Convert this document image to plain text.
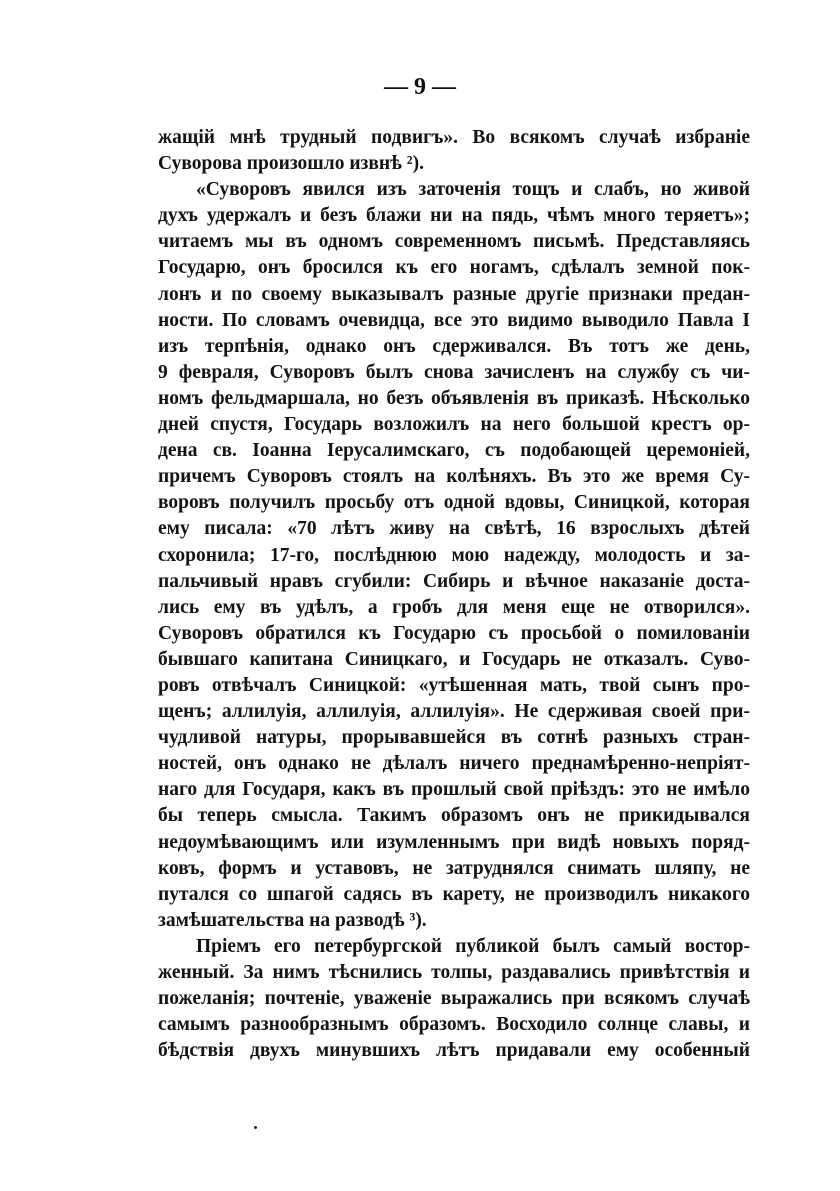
— 9 —
жащій мнѣ трудный подвигъ». Во всякомъ случаѣ избраніе
Суворова произошло извнѣ ²).
«Суворовъ явился изъ заточенія тощъ и слабъ, но живой
духъ удержалъ и безъ блажи ни на пядь, чѣмъ много теряетъ»;
читаемъ мы въ одномъ современномъ письмѣ. Представляясь
Государю, онъ бросился къ его ногамъ, сдѣлалъ земной пок-
лонъ и по своему выказывалъ разные другіе признаки предан-
ности. По словамъ очевидца, все это видимо выводило Павла I
изъ терпѣнія, однако онъ сдерживался. Въ тотъ же день,
9 февраля, Суворовъ былъ снова зачисленъ на службу съ чи-
номъ фельдмаршала, но безъ объявленія въ приказѣ. Нѣсколько
дней спустя, Государь возложилъ на него большой крестъ ор-
дена св. Іоанна Іерусалимскаго, съ подобающей церемоніей,
причемъ Суворовъ стоялъ на колѣняхъ. Въ это же время Су-
воровъ получилъ просьбу отъ одной вдовы, Синицкой, которая
ему писала: «70 лѣтъ живу на свѣтѣ, 16 взрослыхъ дѣтей
схоронила; 17-го, послѣднюю мою надежду, молодость и за-
пальчивый нравъ сгубили: Сибирь и вѣчное наказаніе доста-
лись ему въ удѣлъ, а гробъ для меня еще не отворился».
Суворовъ обратился къ Государю съ просьбой о помилованіи
бывшаго капитана Синицкаго, и Государь не отказалъ. Суво-
ровъ отвѣчалъ Синицкой: «утѣшенная мать, твой сынъ про-
щенъ; аллилуія, аллилуія, аллилуія». Не сдерживая своей при-
чудливой натуры, прорывавшейся въ сотнѣ разныхъ стран-
ностей, онъ однако не дѣлалъ ничего преднамѣренно-непріят-
наго для Государя, какъ въ прошлый свой пріѣздъ: это не имѣло
бы теперь смысла. Такимъ образомъ онъ не прикидывался
недоумѣвающимъ или изумленнымъ при видѣ новыхъ поряд-
ковъ, формъ и уставовъ, не затруднялся снимать шляпу, не
путался со шпагой садясь въ карету, не производилъ никакого
замѣшательства на разводѣ ³).
Пріемъ его петербургской публикой былъ самый востор-
женный. За нимъ тѣснились толпы, раздавались привѣтствія и
пожеланія; почтеніе, уваженіе выражались при всякомъ случаѣ
самымъ разнообразнымъ образомъ. Восходило солнце славы, и
бѣдствія двухъ минувшихъ лѣтъ придавали ему особенный
